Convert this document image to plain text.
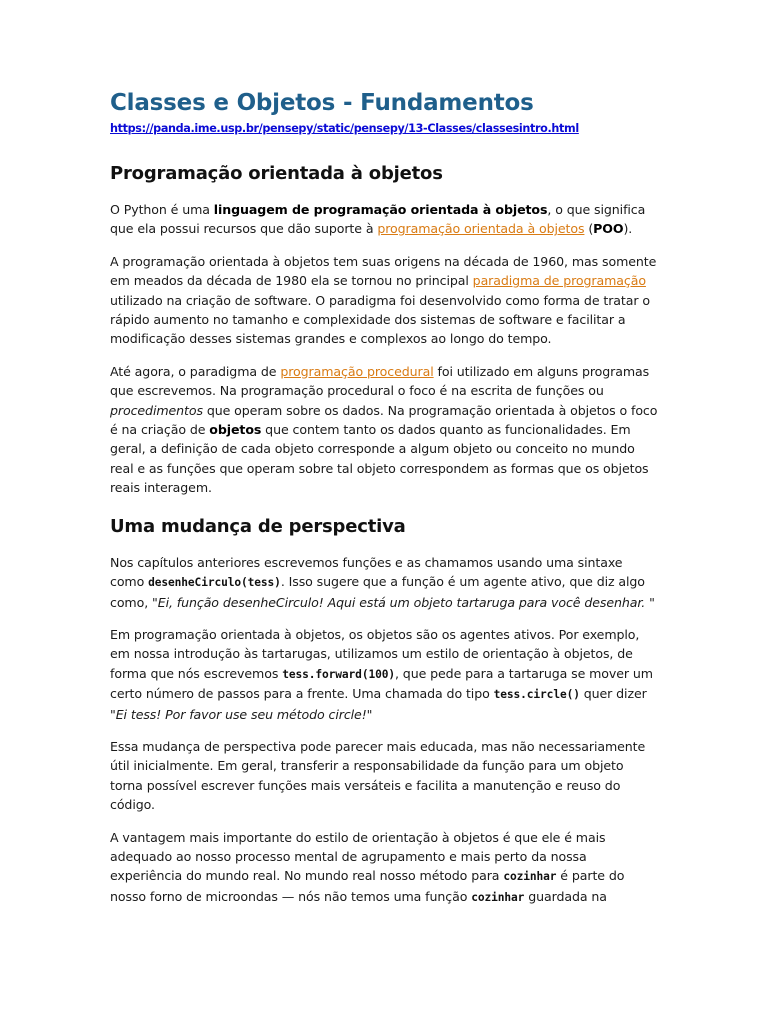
Classes e Objetos - Fundamentos
https://panda.ime.usp.br/pensepy/static/pensepy/13-Classes/classesintro.html
Programação orientada à objetos

O Python é uma linguagem de programação orientada à objetos, o que significa que ela possui recursos que dão suporte à programação orientada à objetos (POO).

A programação orientada à objetos tem suas origens na década de 1960, mas somente em meados da década de 1980 ela se tornou no principal paradigma de programação utilizado na criação de software. O paradigma foi desenvolvido como forma de tratar o rápido aumento no tamanho e complexidade dos sistemas de software e facilitar a modificação desses sistemas grandes e complexos ao longo do tempo.

Até agora, o paradigma de programação procedural foi utilizado em alguns programas que escrevemos. Na programação procedural o foco é na escrita de funções ou procedimentos que operam sobre os dados. Na programação orientada à objetos o foco é na criação de objetos que contem tanto os dados quanto as funcionalidades. Em geral, a definição de cada objeto corresponde a algum objeto ou conceito no mundo real e as funções que operam sobre tal objeto correspondem as formas que os objetos reais interagem.

Uma mudança de perspectiva

Nos capítulos anteriores escrevemos funções e as chamamos usando uma sintaxe como desenheCirculo(tess). Isso sugere que a função é um agente ativo, que diz algo como, "Ei, função desenheCirculo! Aqui está um objeto tartaruga para você desenhar. "

Em programação orientada à objetos, os objetos são os agentes ativos. Por exemplo, em nossa introdução às tartarugas, utilizamos um estilo de orientação à objetos, de forma que nós escrevemos tess.forward(100), que pede para a tartaruga se mover um certo número de passos para a frente. Uma chamada do tipo tess.circle() quer dizer "Ei tess! Por favor use seu método circle!"

Essa mudança de perspectiva pode parecer mais educada, mas não necessariamente útil inicialmente. Em geral, transferir a responsabilidade da função para um objeto torna possível escrever funções mais versáteis e facilita a manutenção e reuso do código.

A vantagem mais importante do estilo de orientação à objetos é que ele é mais adequado ao nosso processo mental de agrupamento e mais perto da nossa experiência do mundo real. No mundo real nosso método para cozinhar é parte do nosso forno de microondas — nós não temos uma função cozinhar guardada na
